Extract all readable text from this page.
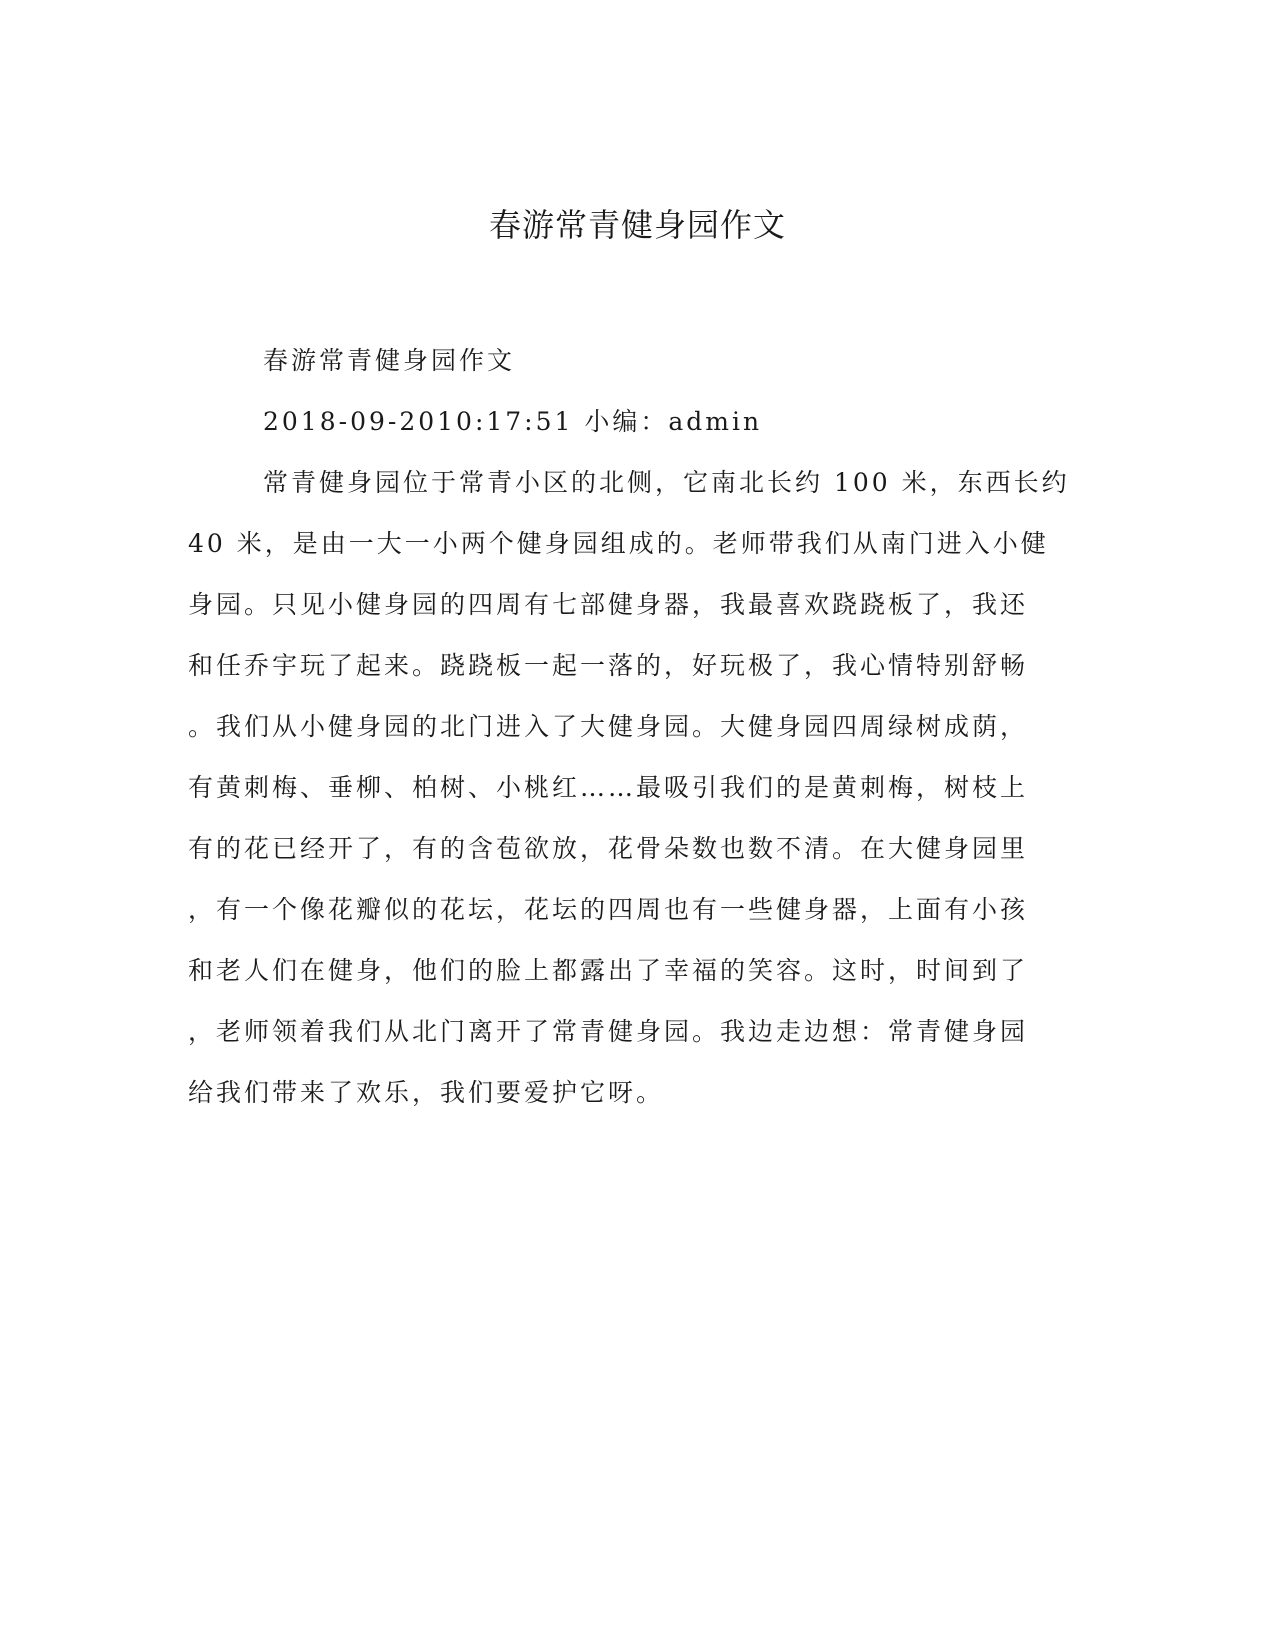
春游常青健身园作文
春游常青健身园作文
2018-09-2010:17:51 小编：admin
常青健身园位于常青小区的北侧，它南北长约 100 米，东西长约
40 米，是由一大一小两个健身园组成的。老师带我们从南门进入小健
身园。只见小健身园的四周有七部健身器，我最喜欢跷跷板了，我还
和任乔宇玩了起来。跷跷板一起一落的，好玩极了，我心情特别舒畅
。我们从小健身园的北门进入了大健身园。大健身园四周绿树成荫，
有黄刺梅、垂柳、柏树、小桃红……最吸引我们的是黄刺梅，树枝上
有的花已经开了，有的含苞欲放，花骨朵数也数不清。在大健身园里
，有一个像花瓣似的花坛，花坛的四周也有一些健身器，上面有小孩
和老人们在健身，他们的脸上都露出了幸福的笑容。这时，时间到了
，老师领着我们从北门离开了常青健身园。我边走边想：常青健身园
给我们带来了欢乐，我们要爱护它呀。
